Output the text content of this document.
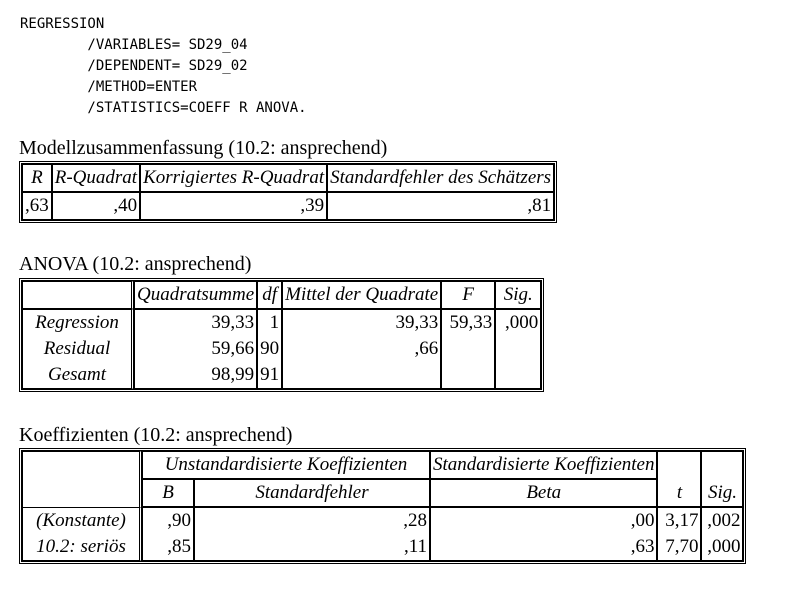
REGRESSION
/VARIABLES= SD29_04
/DEPENDENT= SD29_02
/METHOD=ENTER
/STATISTICS=COEFF R ANOVA.
Modellzusammenfassung (10.2: ansprechend)
R	R-Quadrat	Korrigiertes R-Quadrat	Standardfehler des Schätzers
,63	,40	,39	,81
ANOVA (10.2: ansprechend)
	Quadratsumme	df	Mittel der Quadrate	F	Sig.
Regression	39,33	1	39,33	59,33	,000
Residual	59,66	90	,66		
Gesamt	98,99	91			
Koeffizienten (10.2: ansprechend)
	Unstandardisierte Koeffizienten		Standardisierte Koeffizienten		
	B	Standardfehler	Beta	t	Sig.
(Konstante)	,90	,28	,00	3,17	,002
10.2: seriös	,85	,11	,63	7,70	,000
